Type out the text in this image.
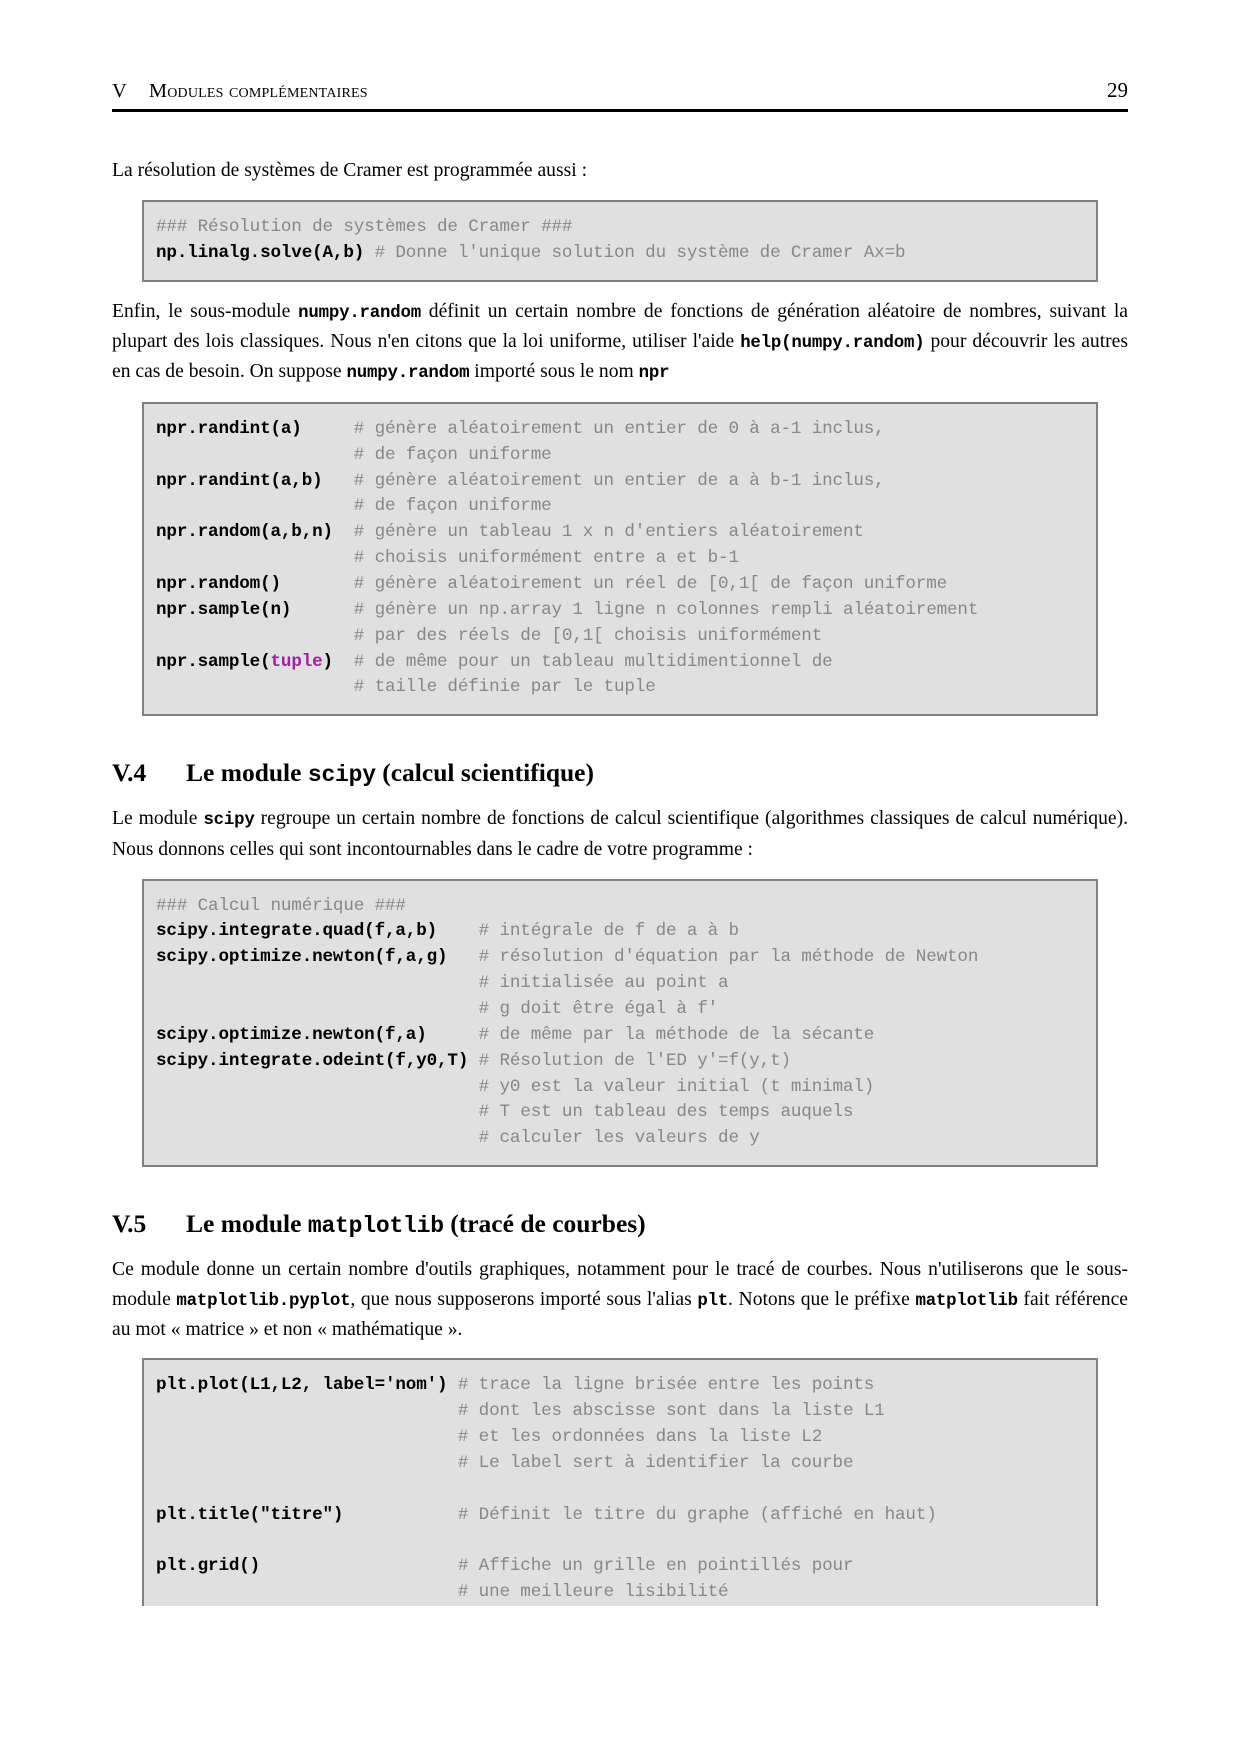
V Modules complémentaires	29

La résolution de systèmes de Cramer est programmée aussi :

### Résolution de systèmes de Cramer ###
np.linalg.solve(A,b) # Donne l'unique solution du système de Cramer Ax=b

Enfin, le sous-module numpy.random définit un certain nombre de fonctions de génération aléatoire de nombres, suivant la plupart des lois classiques. Nous n'en citons que la loi uniforme, utiliser l'aide help(numpy.random) pour découvrir les autres en cas de besoin. On suppose numpy.random importé sous le nom npr

npr.randint(a)     # génère aléatoirement un entier de 0 à a-1 inclus,
# de façon uniforme
npr.randint(a,b)   # génère aléatoirement un entier de a à b-1 inclus,
# de façon uniforme
npr.random(a,b,n)  # génère un tableau 1 x n d'entiers aléatoirement
# choisis uniformément entre a et b-1
npr.random()       # génère aléatoirement un réel de [0,1[ de façon uniforme
npr.sample(n)      # génère un np.array 1 ligne n colonnes rempli aléatoirement
# par des réels de [0,1[ choisis uniformément
npr.sample(tuple)  # de même pour un tableau multidimentionnel de
# taille définie par le tuple
V.4	Le module scipy (calcul scientifique)

Le module scipy regroupe un certain nombre de fonctions de calcul scientifique (algorithmes classiques de calcul numérique). Nous donnons celles qui sont incontournables dans le cadre de votre programme :

### Calcul numérique ###
scipy.integrate.quad(f,a,b)    # intégrale de f de a à b
scipy.optimize.newton(f,a,g)   # résolution d'équation par la méthode de Newton
# initialisée au point a
# g doit être égal à f'
scipy.optimize.newton(f,a)     # de même par la méthode de la sécante
scipy.integrate.odeint(f,y0,T) # Résolution de l'ED y'=f(y,t)
# y0 est la valeur initial (t minimal)
# T est un tableau des temps auquels
# calculer les valeurs de y
V.5	Le module matplotlib (tracé de courbes)

Ce module donne un certain nombre d'outils graphiques, notamment pour le tracé de courbes. Nous n'utiliserons que le sous-module matplotlib.pyplot, que nous supposerons importé sous l'alias plt. Notons que le préfixe matplotlib fait référence au mot « matrice » et non « mathématique ».

plt.plot(L1,L2, label='nom') # trace la ligne brisée entre les points
# dont les abscisse sont dans la liste L1
# et les ordonnées dans la liste L2
# Le label sert à identifier la courbe

plt.title("titre")           # Définit le titre du graphe (affiché en haut)

plt.grid()                   # Affiche un grille en pointillés pour
# une meilleure lisibilité
